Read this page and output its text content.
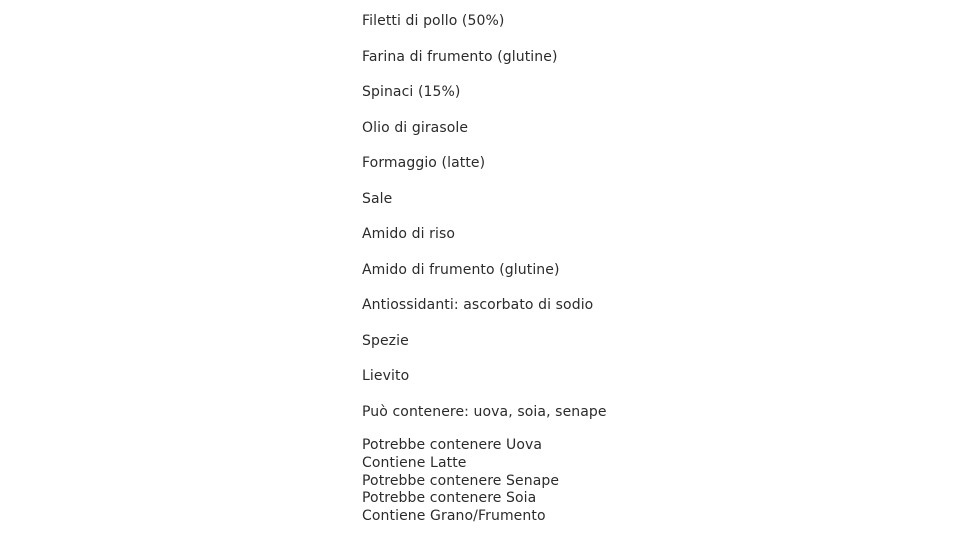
Filetti di pollo (50%)
Farina di frumento (glutine)
Spinaci (15%)
Olio di girasole
Formaggio (latte)
Sale
Amido di riso
Amido di frumento (glutine)
Antiossidanti: ascorbato di sodio
Spezie
Lievito
Può contenere: uova, soia, senape
Potrebbe contenere Uova
Contiene Latte
Potrebbe contenere Senape
Potrebbe contenere Soia
Contiene Grano/Frumento
